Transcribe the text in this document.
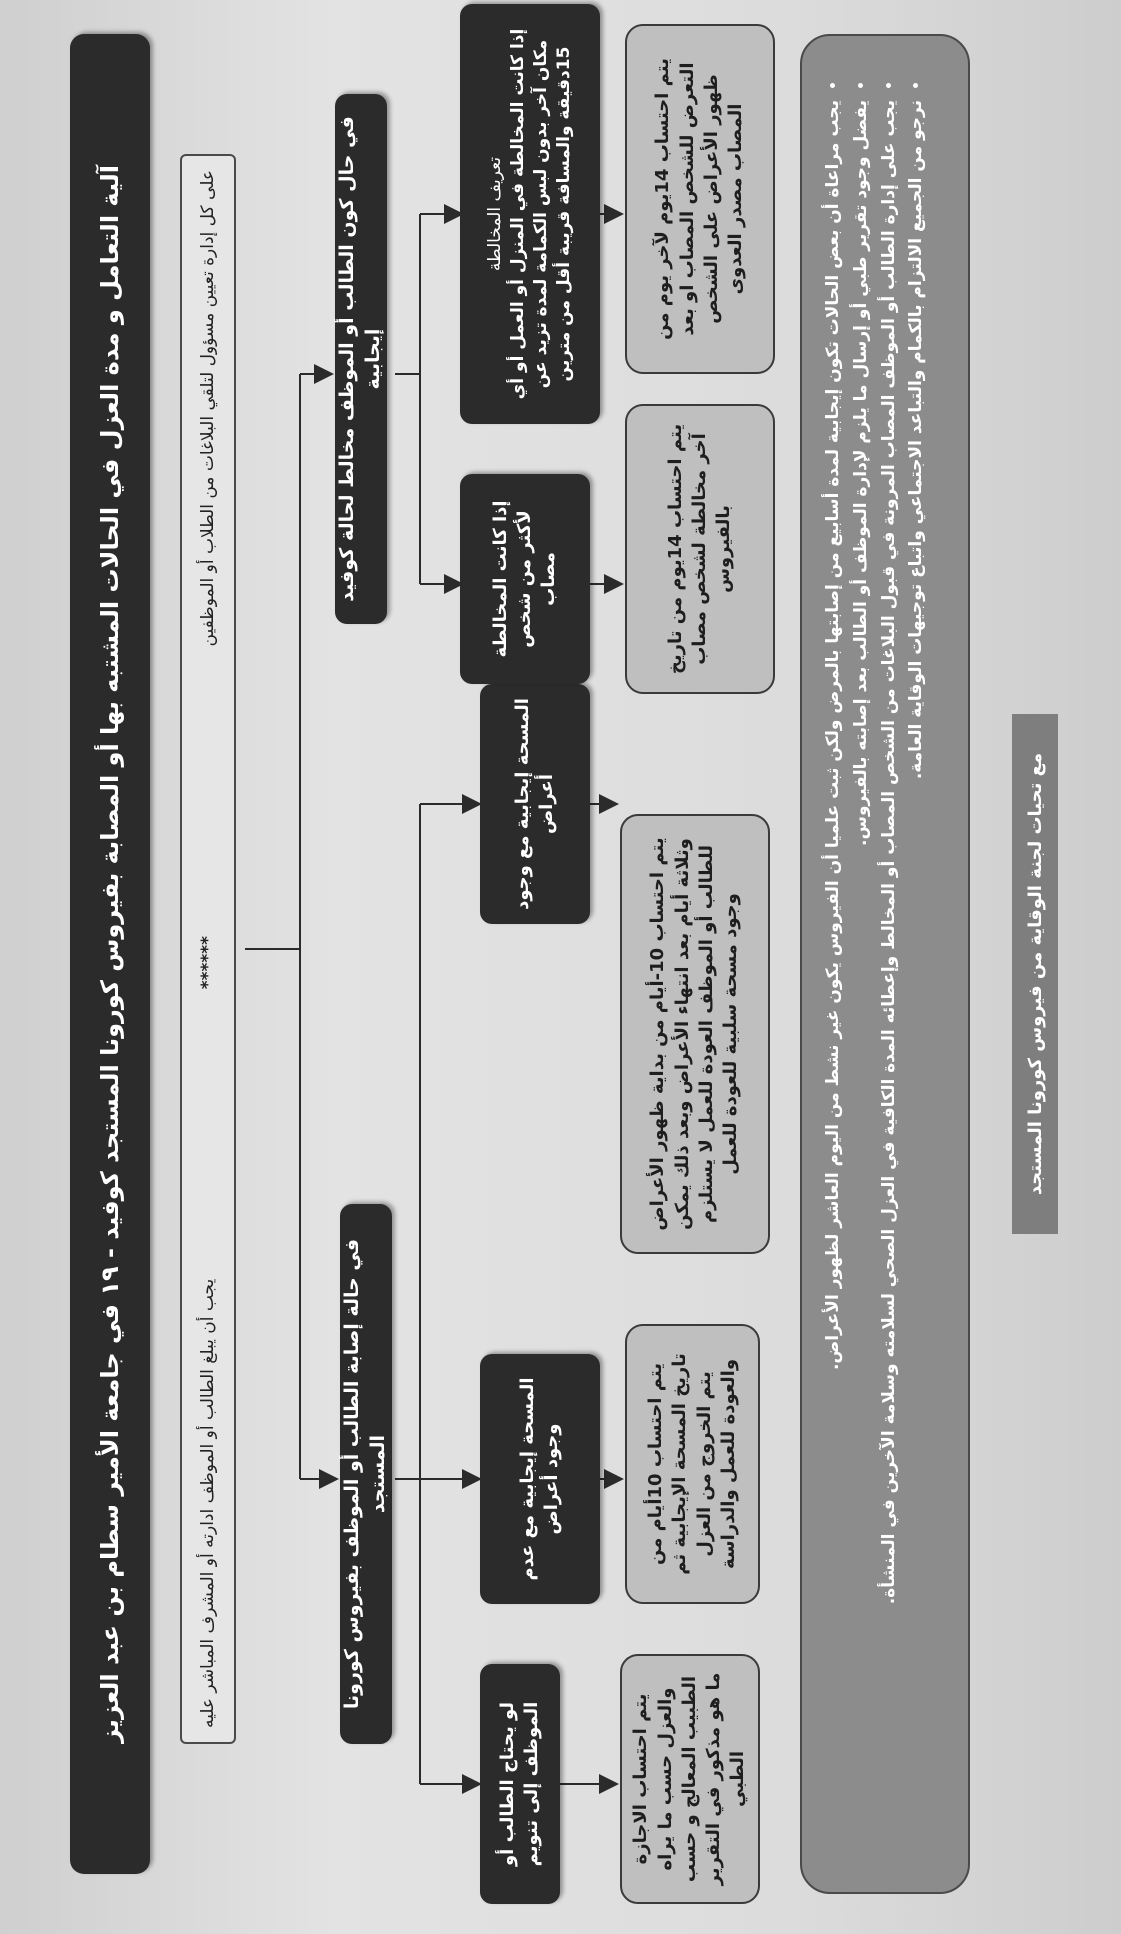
آلية التعامل و مدة العزل في الحالات المشتبه بها أو المصابة بفيروس كورونا المستجد كوفيد - ١٩ في جامعة الأمير سطام بن عبد العزيز	على كل إدارة تعيين مسؤول لتلقي البلاغات من الطلاب أو الموظفين
******
يجب أن يبلغ الطالب أو الموظف ادارته أو المشرف المباشر عليه	في حالة إصابة الطالب أو الموظف بفيروس كورونا المستجد
في حال كون الطالب أو الموظف مخالط لحالة كوفيد إيجابية
لو يحتاج الطالب أو الموظف إلى تنويم
المسحة إيجابية مع عدم وجود أعراض
المسحة إيجابية مع وجود أعراض
إذا كانت المخالطة لأكثر من شخص مصاب
تعريف المخالطة إذا كانت المخالطة في المنزل أو العمل أو أي مكان آخر بدون لبس الكمامة لمدة تزيد عن 15دقيقة والمسافة قريبة أقل من مترين
يتم احتساب الاجازة والعزل حسب ما يراه الطبيب المعالج و حسب ما هو مذكور في التقرير الطبي
يتم احتساب 10أيام من تاريخ المسحة الإيجابية ثم يتم الخروج من العزل والعودة للعمل والدراسة
يتم احتساب 10-أيام من بداية ظهور الأعراض وثلاثة أيام بعد انتهاء الأعراض وبعد ذلك يمكن للطالب أو الموظف العودة للعمل لا يستلزم وجود مسحة سلبية للعودة للعمل
يتم احتساب 14يوم من تاريخ آخر مخالطة لشخص مصاب بالفيروس
يتم احتساب 14يوم لآخر يوم من التعرض للشخص المصاب او بعد ظهور الأعراض على الشخص المصاب مصدر العدوى	• يجب مراعاة أن بعض الحالات تكون إيجابية لمدة أسابيع من إصابتها بالمرض ولكن ثبت علميا أن الفيروس يكون غير نشط من اليوم العاشر لظهور الأعراض. • يفضل وجود تقرير طبي أو إرسال ما يلزم لإدارة الموظف أو الطالب بعد إصابته بالفيروس. • يجب على إدارة الطالب أو الموظف المصاب المرونة في قبول البلاغات من الشخص المصاب أو المخالط وإعطائه المدة الكافية في العزل الصحي لسلامته وسلامة الآخرين في المنشأة. • نرجو من الجميع الالتزام بالكمام والتباعد الاجتماعي واتباع توجيهات الوقاية العامة.
مع تحيات لجنة الوقاية من فيروس كورونا المستجد
